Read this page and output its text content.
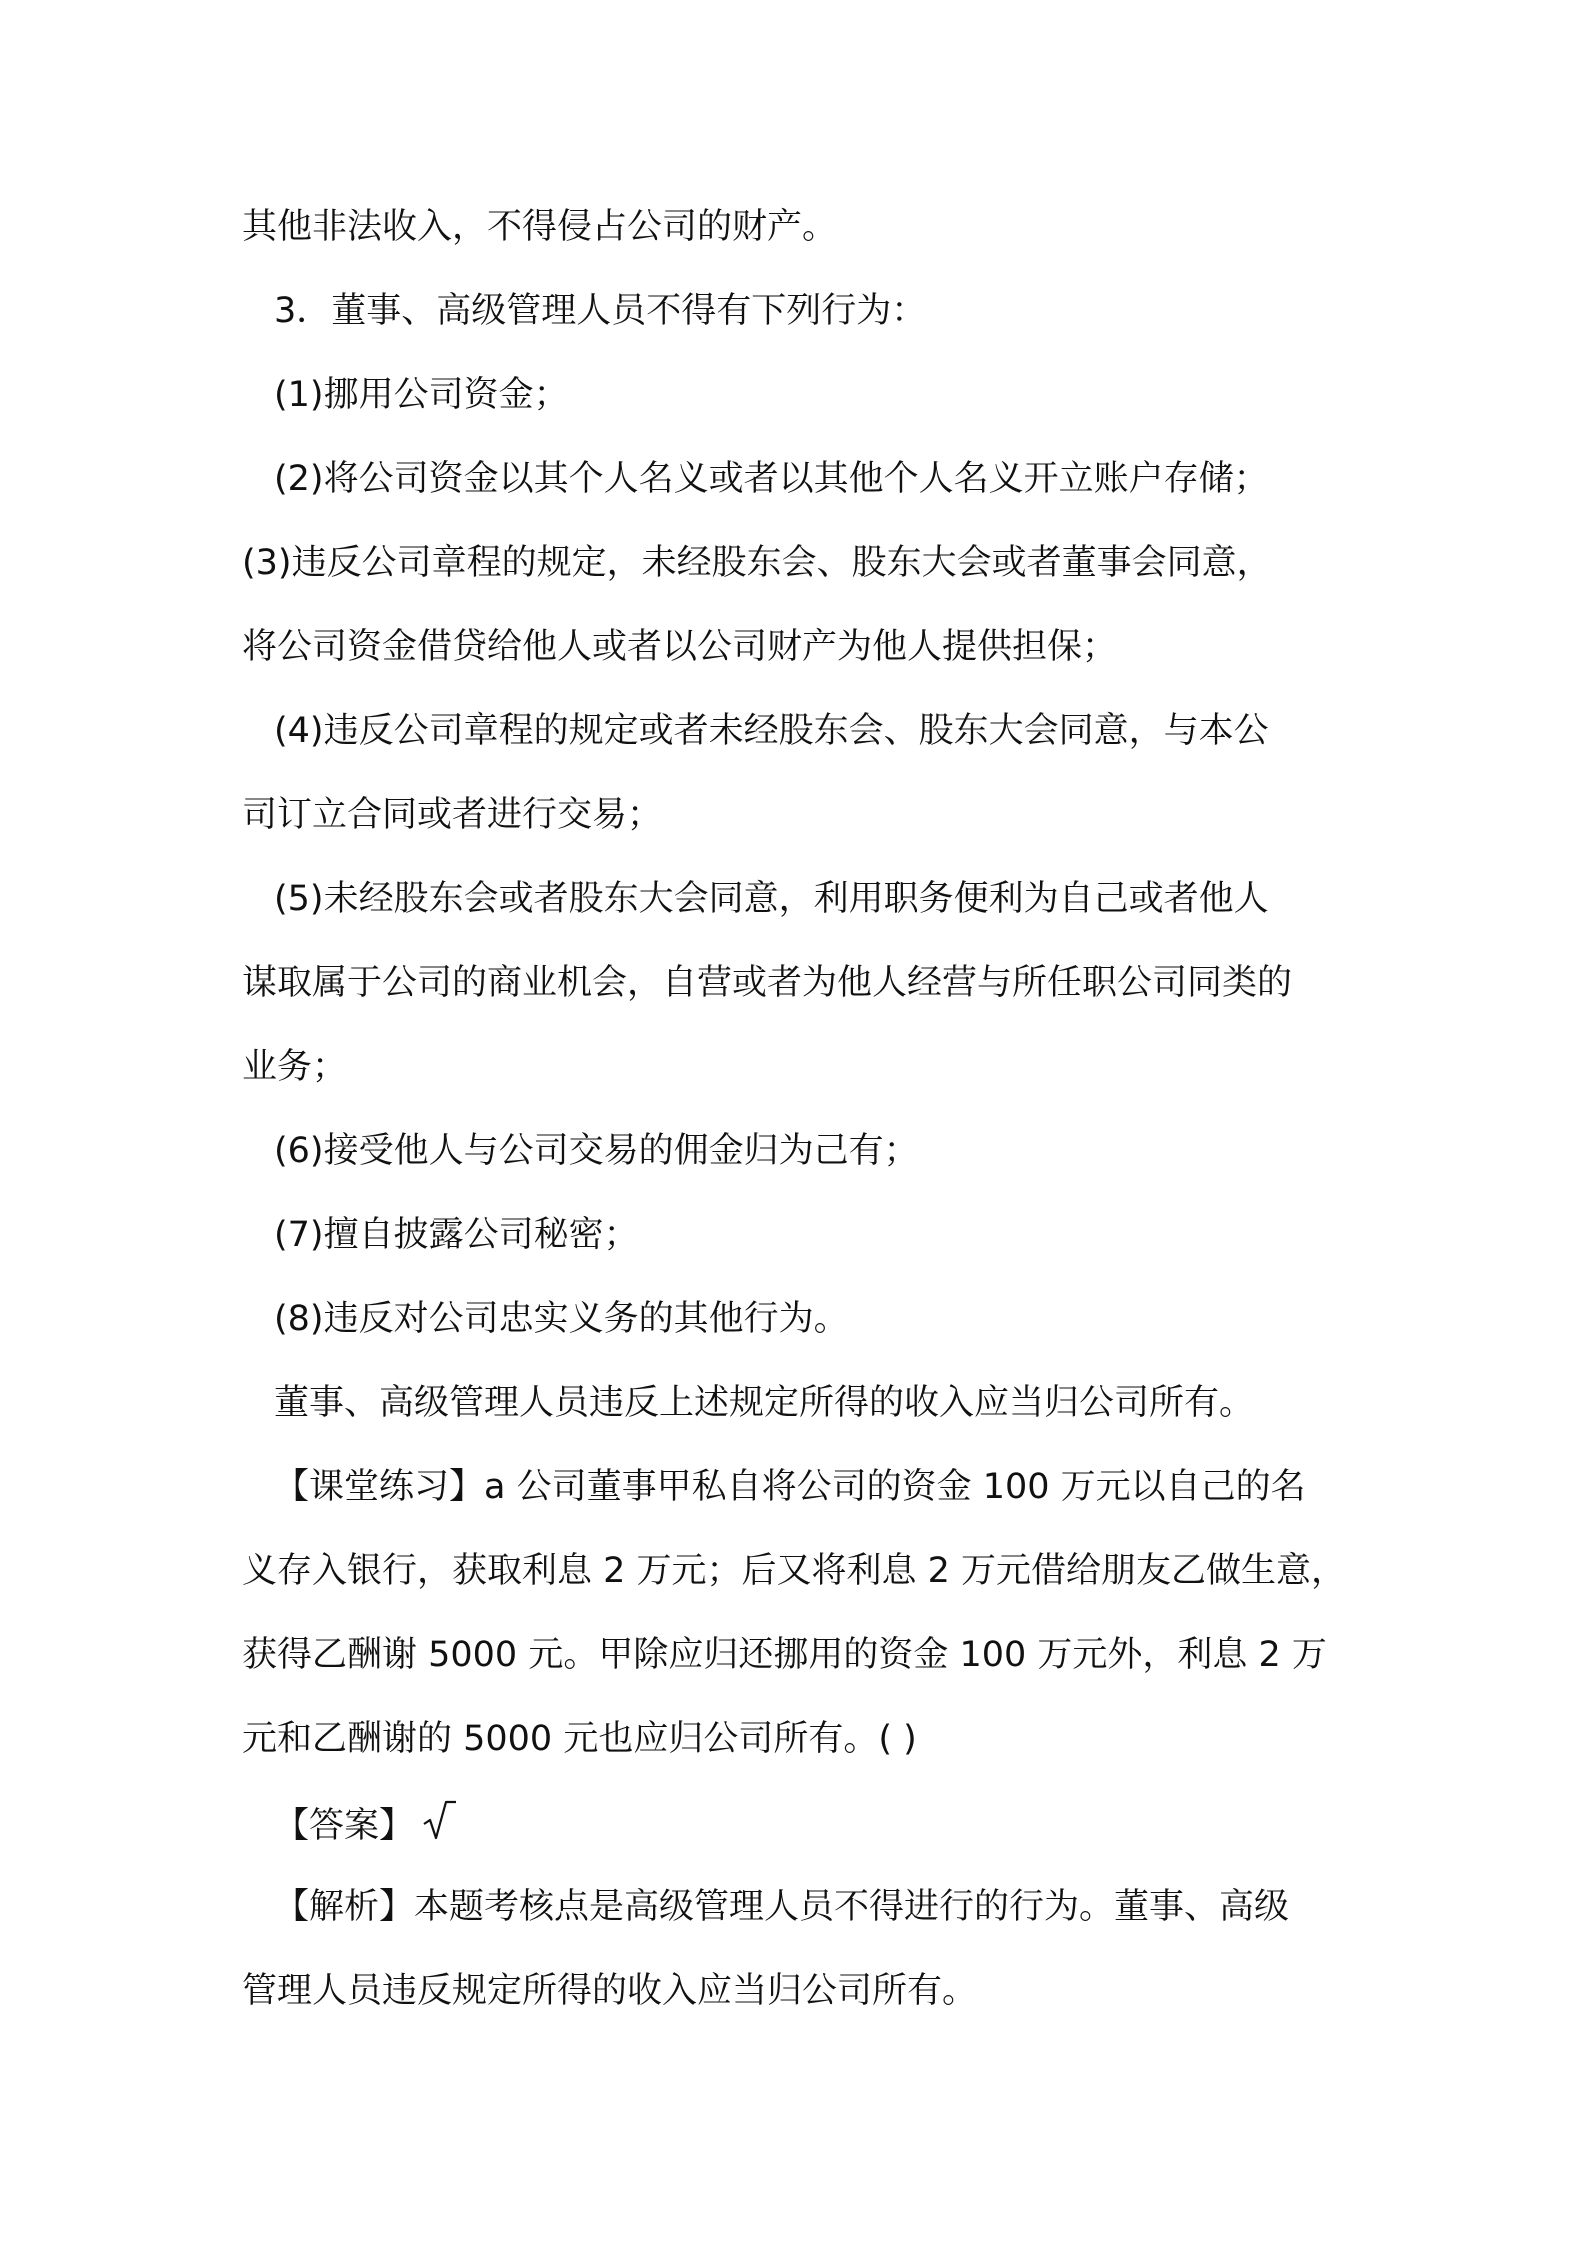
其他非法收入，不得侵占公司的财产。
3．董事、高级管理人员不得有下列行为：
(1)挪用公司资金；
(2)将公司资金以其个人名义或者以其他个人名义开立账户存储；
(3)违反公司章程的规定，未经股东会、股东大会或者董事会同意，
将公司资金借贷给他人或者以公司财产为他人提供担保；
(4)违反公司章程的规定或者未经股东会、股东大会同意，与本公
司订立合同或者进行交易；
(5)未经股东会或者股东大会同意，利用职务便利为自己或者他人
谋取属于公司的商业机会，自营或者为他人经营与所任职公司同类的
业务；
(6)接受他人与公司交易的佣金归为己有；
(7)擅自披露公司秘密；
(8)违反对公司忠实义务的其他行为。
董事、高级管理人员违反上述规定所得的收入应当归公司所有。
【课堂练习】a 公司董事甲私自将公司的资金 100 万元以自己的名
义存入银行，获取利息 2 万元；后又将利息 2 万元借给朋友乙做生意，
获得乙酬谢 5000 元。甲除应归还挪用的资金 100 万元外，利息 2 万
元和乙酬谢的 5000 元也应归公司所有。( )
【答案】
【解析】本题考核点是高级管理人员不得进行的行为。董事、高级
管理人员违反规定所得的收入应当归公司所有。
